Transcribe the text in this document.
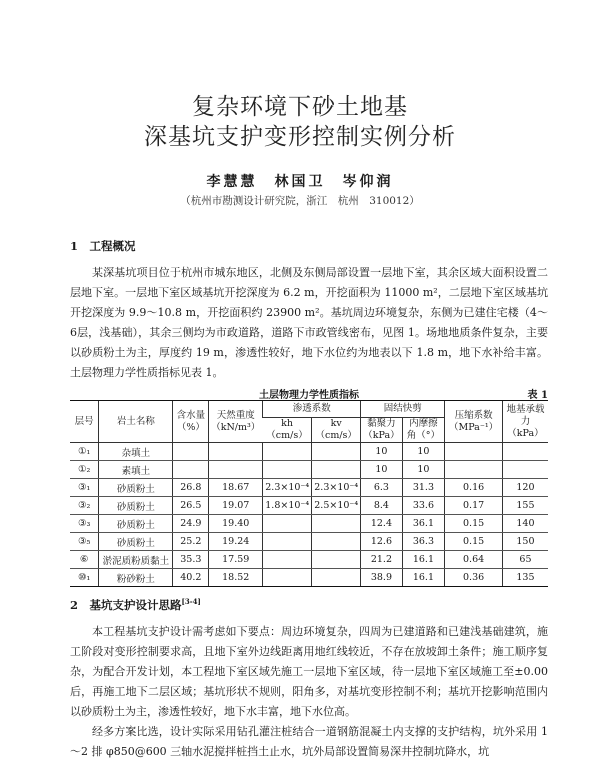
复杂环境下砂土地基
深基坑支护变形控制实例分析
李慧慧　林国卫　岑仰润
（杭州市勘测设计研究院，浙江　杭州　310012）
1　工程概况

某深基坑项目位于杭州市城东地区，北侧及东侧局部设置一层地下室，其余区域大面积设置二层地下室。一层地下室区域基坑开挖深度为 6.2 m，开挖面积为 11000 m²，二层地下室区域基坑开挖深度为 9.9～10.8 m，开挖面积约 23900 m²。基坑周边环境复杂，东侧为已建住宅楼（4～6层，浅基础），其余三侧均为市政道路，道路下市政管线密布，见图 1。场地地质条件复杂，主要以砂质粉土为主，厚度约 19 m，渗透性较好，地下水位约为地表以下 1.8 m，地下水补给丰富。土层物理力学性质指标见表 1。

土层物理力学性质指标	表 1
层号	岩土名称	含水量（%）	天然重度（kN/m³）	渗透系数		固结快剪		压缩系数（MPa⁻¹）	地基承载力（kPa）
				kh（cm/s）	kv（cm/s）	黏聚力（kPa）	内摩擦角（°）		
①₁	杂填土					10	10		
①₂	素填土					10	10		
③₁	砂质粉土	26.8	18.67	2.3×10⁻⁴	2.3×10⁻⁴	6.3	31.3	0.16	120
③₂	砂质粉土	26.5	19.07	1.8×10⁻⁴	2.5×10⁻⁴	8.4	33.6	0.17	155
③₃	砂质粉土	24.9	19.40			12.4	36.1	0.15	140
③₅	砂质粉土	25.2	19.24			12.6	36.3	0.15	150
⑥	淤泥质粉质黏土	35.3	17.59			21.2	16.1	0.64	65
⑩₁	粉砂粉土	40.2	18.52			38.9	16.1	0.36	135
2　基坑支护设计思路[3-4]

本工程基坑支护设计需考虑如下要点：周边环境复杂，四周为已建道路和已建浅基础建筑，施工阶段对变形控制要求高，且地下室外边线距离用地红线较近，不存在放坡卸土条件；施工顺序复杂，为配合开发计划，本工程地下室区域先施工一层地下室区域，待一层地下室区域施工至±0.00 后，再施工地下二层区域；基坑形状不规则，阳角多，对基坑变形控制不利；基坑开挖影响范围内以砂质粉土为主，渗透性较好，地下水丰富，地下水位高。

经多方案比选，设计实际采用钻孔灌注桩结合一道钢筋混凝土内支撑的支护结构，坑外采用 1～2 排 φ850@600 三轴水泥搅拌桩挡土止水，坑外局部设置简易深井控制坑降水，坑
